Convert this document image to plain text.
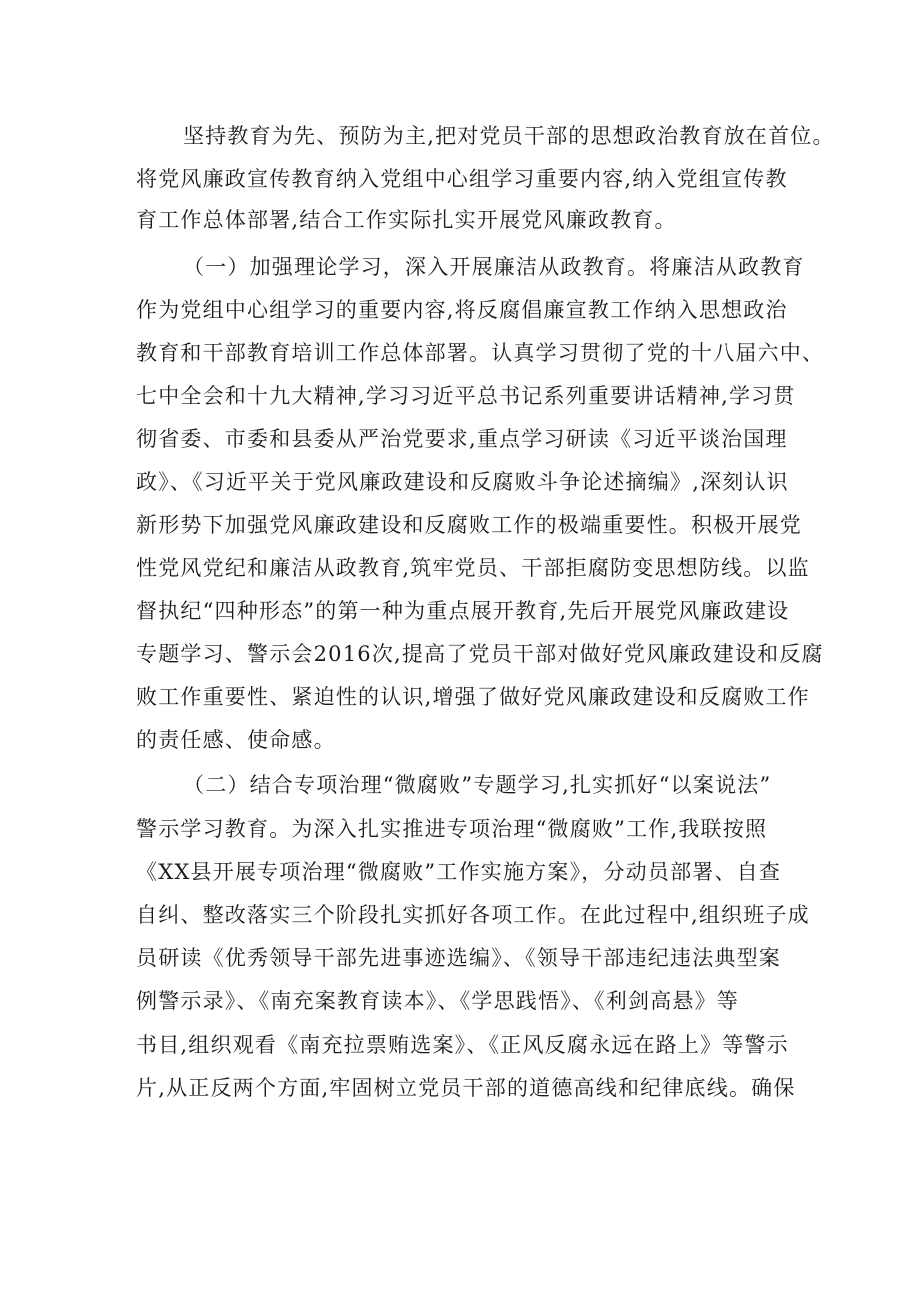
坚持教育为先、预防为主,把对党员干部的思想政治教育放在首位。

将党风廉政宣传教育纳入党组中心组学习重要内容,纳入党组宣传教

育工作总体部署,结合工作实际扎实开展党风廉政教育。

（一）加强理论学习，深入开展廉洁从政教育。将廉洁从政教育

作为党组中心组学习的重要内容,将反腐倡廉宣教工作纳入思想政治

教育和干部教育培训工作总体部署。认真学习贯彻了党的十八届六中、

七中全会和十九大精神,学习习近平总书记系列重要讲话精神,学习贯

彻省委、市委和县委从严治党要求,重点学习研读《习近平谈治国理

政》、《习近平关于党风廉政建设和反腐败斗争论述摘编》,深刻认识

新形势下加强党风廉政建设和反腐败工作的极端重要性。积极开展党

性党风党纪和廉洁从政教育,筑牢党员、干部拒腐防变思想防线。以监

督执纪“四种形态”的第一种为重点展开教育,先后开展党风廉政建设

专题学习、警示会2016次,提高了党员干部对做好党风廉政建设和反腐

败工作重要性、紧迫性的认识,增强了做好党风廉政建设和反腐败工作

的责任感、使命感。

（二）结合专项治理“微腐败”专题学习,扎实抓好“以案说法”

警示学习教育。为深入扎实推进专项治理“微腐败”工作,我联按照

《XX县开展专项治理“微腐败”工作实施方案》，分动员部署、自查

自纠、整改落实三个阶段扎实抓好各项工作。在此过程中,组织班子成

员研读《优秀领导干部先进事迹选编》、《领导干部违纪违法典型案

例警示录》、《南充案教育读本》、《学思践悟》、《利剑高悬》等

书目,组织观看《南充拉票贿选案》、《正风反腐永远在路上》等警示

片,从正反两个方面,牢固树立党员干部的道德高线和纪律底线。确保
